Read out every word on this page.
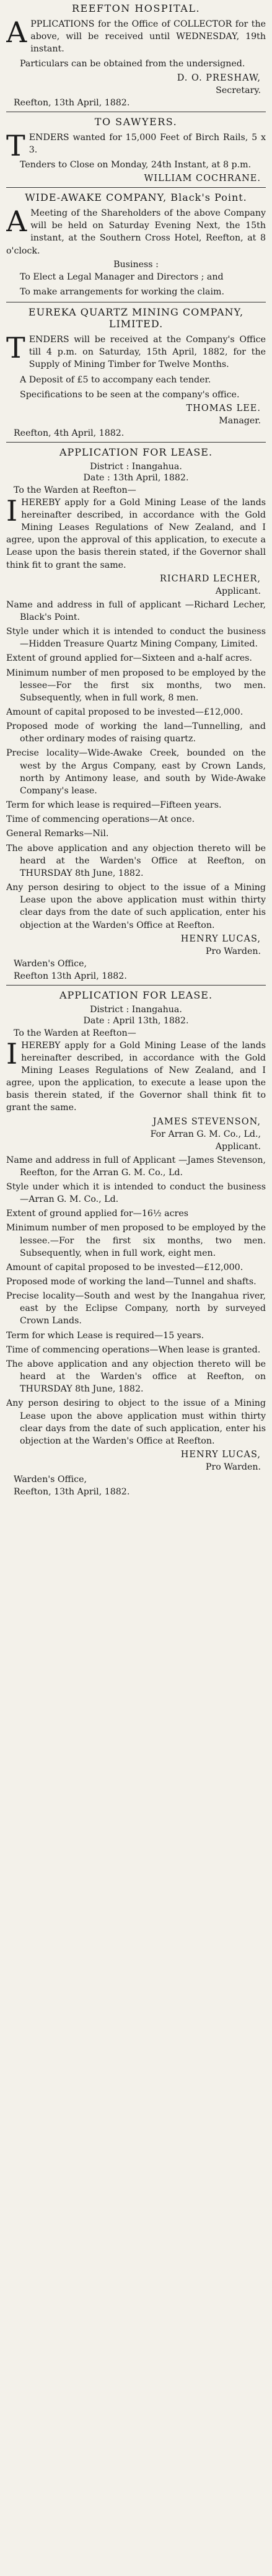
REEFTON HOSPITAL.

APPLICATIONS for the Office of COLLECTOR for the above, will be received until WEDNESDAY, 19th instant.

Particulars can be obtained from the undersigned.

D. O. PRESHAW,
Secretary.
Reefton, 13th April, 1882.
TO SAWYERS.

TENDERS wanted for 15,000 Feet of Birch Rails, 5 x 3.

Tenders to Close on Monday, 24th Instant, at 8 p.m.

WILLIAM COCHRANE.
WIDE-AWAKE COMPANY, Black's Point.

A Meeting of the Shareholders of the above Company will be held on Saturday Evening Next, the 15th instant, at the Southern Cross Hotel, Reefton, at 8 o'clock.

Business :

To Elect a Legal Manager and Directors ; and

To make arrangements for working the claim.

EUREKA QUARTZ MINING COMPANY, LIMITED.

TENDERS will be received at the Company's Office till 4 p.m. on Saturday, 15th April, 1882, for the Supply of Mining Timber for Twelve Months.

A Deposit of £5 to accompany each tender.

Specifications to be seen at the company's office.

THOMAS LEE.
Manager.
Reefton, 4th April, 1882.
APPLICATION FOR LEASE.
District : Inangahua.
Date : 13th April, 1882.
To the Warden at Reefton—

IHEREBY apply for a Gold Mining Lease of the lands hereinafter described, in accordance with the Gold Mining Leases Regulations of New Zealand, and I agree, upon the approval of this application, to execute a Lease upon the basis therein stated, if the Governor shall think fit to grant the same.

RICHARD LECHER,
Applicant.

Name and address in full of applicant —Richard Lecher, Black's Point.

Style under which it is intended to conduct the business—Hidden Treasure Quartz Mining Company, Limited.

Extent of ground applied for—Sixteen and a-half acres.

Minimum number of men proposed to be employed by the lessee—For the first six months, two men. Subsequently, when in full work, 8 men.

Amount of capital proposed to be invested—£12,000.

Proposed mode of working the land—Tunnelling, and other ordinary modes of raising quartz.

Precise locality—Wide-Awake Creek, bounded on the west by the Argus Company, east by Crown Lands, north by Antimony lease, and south by Wide-Awake Company's lease.

Term for which lease is required—Fifteen years.

Time of commencing operations—At once.

General Remarks—Nil.

The above application and any objection thereto will be heard at the Warden's Office at Reefton, on THURSDAY 8th June, 1882.

Any person desiring to object to the issue of a Mining Lease upon the above application must within thirty clear days from the date of such application, enter his objection at the Warden's Office at Reefton.

HENRY LUCAS,
Pro Warden.
Warden's Office,
Reefton 13th April, 1882.
APPLICATION FOR LEASE.
District : Inangahua.
Date : April 13th, 1882.
To the Warden at Reefton—

IHEREBY apply for a Gold Mining Lease of the lands hereinafter described, in accordance with the Gold Mining Leases Regulations of New Zealand, and I agree, upon the application, to execute a lease upon the basis therein stated, if the Governor shall think fit to grant the same.

JAMES STEVENSON,
For Arran G. M. Co., Ld.,
Applicant.

Name and address in full of Applicant —James Stevenson, Reefton, for the Arran G. M. Co., Ld.

Style under which it is intended to conduct the business—Arran G. M. Co., Ld.

Extent of ground applied for—16½ acres

Minimum number of men proposed to be employed by the lessee.—For the first six months, two men. Subsequently, when in full work, eight men.

Amount of capital proposed to be invested—£12,000.

Proposed mode of working the land—Tunnel and shafts.

Precise locality—South and west by the Inangahua river, east by the Eclipse Company, north by surveyed Crown Lands.

Term for which Lease is required—15 years.

Time of commencing operations—When lease is granted.

The above application and any objection thereto will be heard at the Warden's office at Reefton, on THURSDAY 8th June, 1882.

Any person desiring to object to the issue of a Mining Lease upon the above application must within thirty clear days from the date of such application, enter his objection at the Warden's Office at Reefton.

HENRY LUCAS,
Pro Warden.
Warden's Office,
Reefton, 13th April, 1882.
